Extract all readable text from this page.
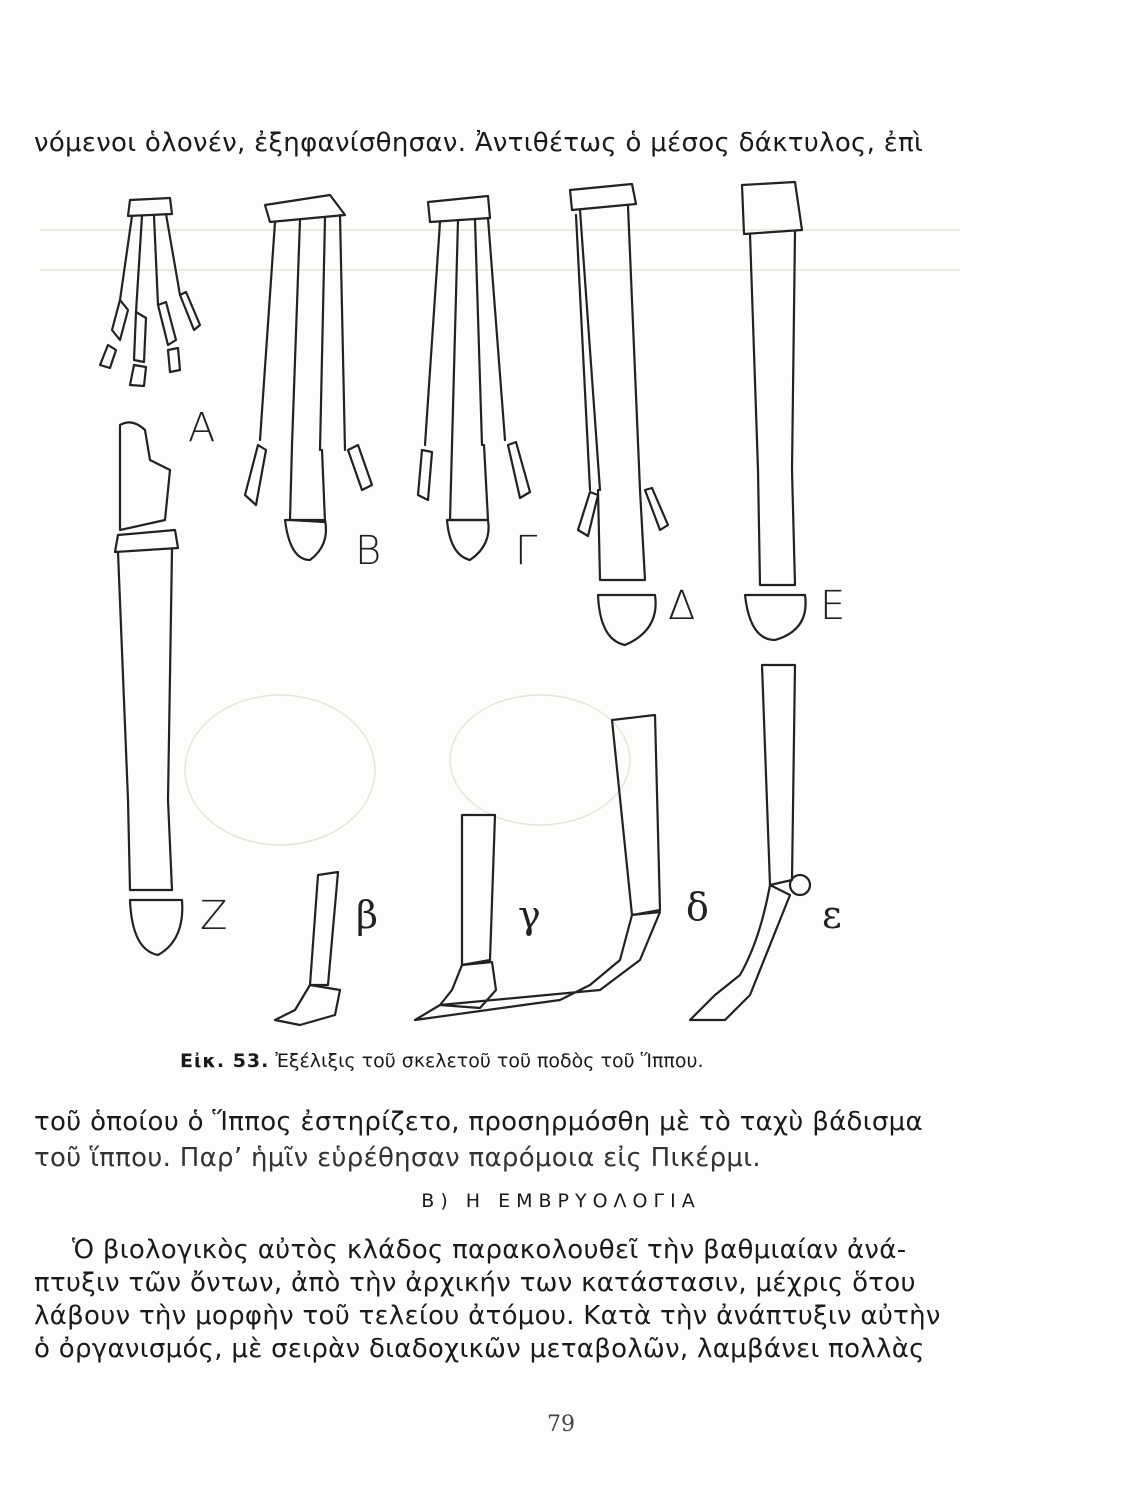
νόμενοι ὁλονέν, ἐξηφανίσθησαν. Ἀντιθέτως ὁ μέσος δάκτυλος, ἐπὶ
Α
Β	Γ
Δ	Ε
Ζ	β	γ	δ	ε
Εἰκ. 53. Ἐξέλιξις τοῦ σκελετοῦ τοῦ ποδὸς τοῦ Ἵππου.
τοῦ ὁποίου ὁ Ἵππος ἐστηρίζετο, προσηρμόσθη μὲ τὸ ταχὺ βάδισμα
τοῦ ἵππου. Παρ’ ἡμῖν εὑρέθησαν παρόμοια εἰς Πικέρμι.
Β) Η ΕΜΒΡΥΟΛΟΓΙΑ
Ὁ βιολογικὸς αὐτὸς κλάδος παρακολουθεῖ τὴν βαθμιαίαν ἀνά-
πτυξιν τῶν ὄντων, ἀπὸ τὴν ἀρχικήν των κατάστασιν, μέχρις ὅτου
λάβουν τὴν μορφὴν τοῦ τελείου ἀτόμου. Κατὰ τὴν ἀνάπτυξιν αὐτὴν
ὁ ὀργανισμός, μὲ σειρὰν διαδοχικῶν μεταβολῶν, λαμβάνει πολλὰς
79
